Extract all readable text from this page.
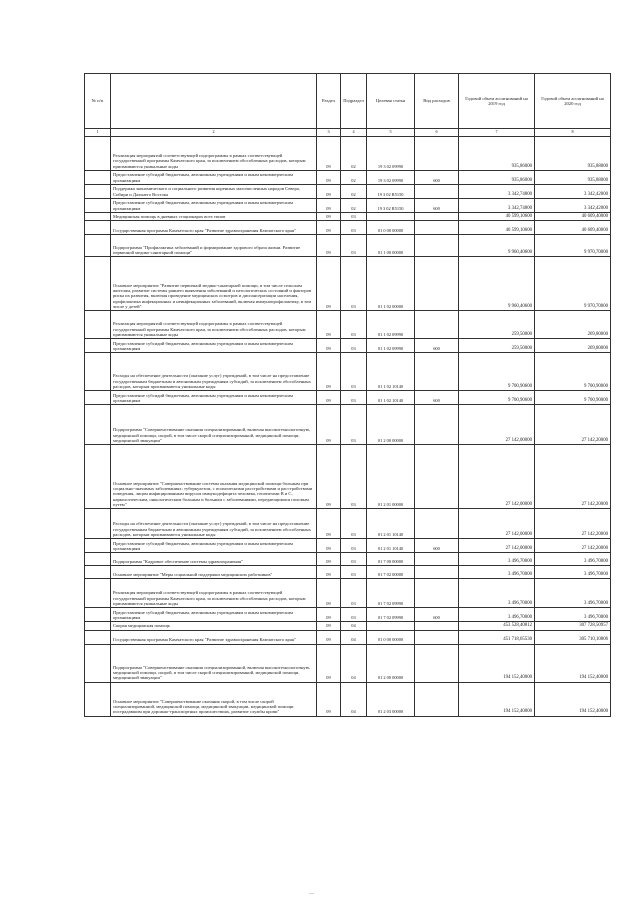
№ п/п		Раздел	Подраздел	Целевая статья	Вид расходов	Годовой объем ассигнований на 2019 год	Годовой объем ассигнований на 2020 год
1	2	3	4	5	6	7	8
	Реализация мероприятий соответствующей подпрограммы в рамках соответствующей государственной программы Камчатского края, за исключением обособленных расходов, которым присваиваются уникальные коды	09	02	19 3 02 09990		935,86000	935,88000
	Предоставление субсидий бюджетным, автономным учреждениям и иным некоммерческим организациям	09	02	19 3 02 09990	600	935,86000	935,88000
	Поддержка экономического и социального развития коренных малочисленных народов Севера, Сибири и Дальнего Востока	09	02	19 3 02 R5150		3 342,74800	3 342,42000
	Предоставление субсидий бюджетным, автономным учреждениям и иным некоммерческим организациям	09	02	19 3 02 R5150	600	3 342,74800	3 342,42000
	Медицинская помощь в дневных стационарах всех типов	09	03			40 599,10600	40 609,40000
	Государственная программа Камчатского края "Развитие здравоохранения Камчатского края"	09	03	01 0 00 00000		40 599,10600	40 609,40000
	Подпрограмма "Профилактика заболеваний и формирование здорового образа жизни. Развитие первичной медико-санитарной помощи"	09	03	01 1 00 00000		9 960,40600	9 970,70000
	Основное мероприятие "Развитие первичной медико-санитарной помощи, в том числе сельским жителям, развитие системы раннего выявления заболеваний и патологических состояний и факторов риска их развития, включая проведение медицинских осмотров и диспансеризации населения, профилактика инфекционных и неинфекционных заболеваний, включая иммунопрофилактику, в том числе у детей"	09	03	01 1 02 00000		9 960,40600	9 970,70000
	Реализация мероприятий соответствующей подпрограммы в рамках соответствующей государственной программы Камчатского края, за исключением обособленных расходов, которым присваиваются уникальные коды	09	03	01 1 02 09990		259,50000	269,80000
	Предоставление субсидий бюджетным, автономным учреждениям и иным некоммерческим организациям	09	03	01 1 02 09990	600	259,50000	269,80000
	Расходы на обеспечение деятельности (оказание услуг) учреждений, в том числе на предоставление государственным бюджетным и автономным учреждениям субсидий, за исключением обособленных расходов, которым присваиваются уникальные коды	09	03	01 1 02 10140		9 700,90600	9 700,90000
	Предоставление субсидий бюджетным, автономным учреждениям и иным некоммерческим организациям	09	03	01 1 02 10140	600	9 700,90600	9 700,90000
	Подпрограмма "Совершенствование оказания специализированной, включая высокотехнологичную, медицинской помощи, скорой, в том числе скорой специализированной, медицинской помощи, медицинской эвакуации"	09	03	01 2 00 00000		27 142,00000	27 142,20000
	Основное мероприятие "Совершенствование системы оказания медицинской помощи больным при социально-значимых заболеваниях: туберкулезом, с психическими расстройствами и расстройствами поведения, лицам инфицированным вирусом иммунодефицита человека, гепатитами B и C, наркологическим, онкологическим больным и больным с заболеваниями, передающимися половым путем"	09	03	01 2 01 00000		27 142,00000	27 142,20000
	Расходы на обеспечение деятельности (оказание услуг) учреждений, в том числе на предоставление государственным бюджетным и автономным учреждениям субсидий, за исключением обособленных расходов, которым присваиваются уникальные коды	09	03	01 2 01 10140		27 142,00000	27 142,20000
	Предоставление субсидий бюджетным, автономным учреждениям и иным некоммерческим организациям	09	03	01 2 01 10140	600	27 142,00000	27 142,20000
	Подпрограмма "Кадровое обеспечение системы здравоохранения"	09	03	01 7 00 00000		3 496,70000	3 496,70000
	Основное мероприятие "Меры социальной поддержки медицинских работников"	09	03	01 7 02 00000		3 496,70000	3 496,70000
	Реализация мероприятий соответствующей подпрограммы в рамках соответствующей государственной программы Камчатского края, за исключением обособленных расходов, которым присваиваются уникальные коды	09	03	01 7 02 09990		3 496,70000	3 496,70000
	Предоставление субсидий бюджетным, автономным учреждениям и иным некоммерческим организациям	09	03	01 7 02 09990	600	3 496,70000	3 496,70000
	Скорая медицинская помощь	09	04			453 528,40812	307 728,50957
	Государственная программа Камчатского края "Развитие здравоохранения Камчатского края"	09	04	01 0 00 00000		451 718,65530	305 710,10806
	Подпрограмма "Совершенствование оказания специализированной, включая высокотехнологичную, медицинской помощи, скорой, в том числе скорой специализированной, медицинской помощи, медицинской эвакуации"	09	04	01 2 00 00000		194 152,40000	194 152,40000
	Основное мероприятие "Совершенствование оказания скорой, в том числе скорой специализированной, медицинской помощи, медицинской эвакуации, медицинской помощи пострадавшим при дорожно-транспортных происшествиях, развитие службы крови"	09	04	01 2 03 00000		194 152,40000	194 152,40000
—
